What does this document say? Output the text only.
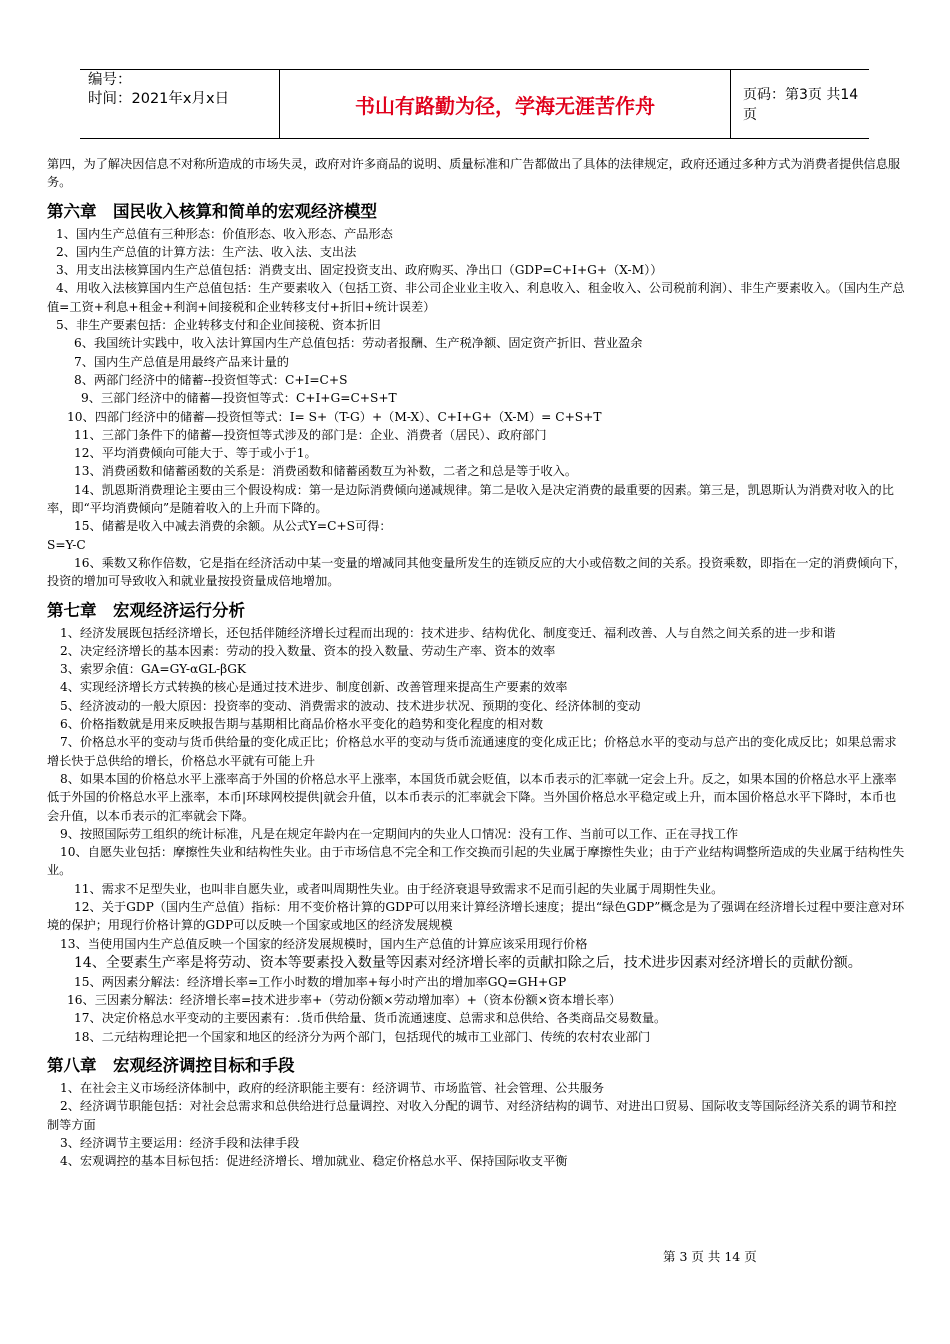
编号：
时间：2021年x月x日	书山有路勤为径，学海无涯苦作舟	页码：第3页 共14页

第四，为了解决因信息不对称所造成的市场失灵，政府对许多商品的说明、质量标准和广告都做出了具体的法律规定，政府还通过多种方式为消费者提供信息服务。

第六章　国民收入核算和简单的宏观经济模型

1、国内生产总值有三种形态：价值形态、收入形态、产品形态

2、国内生产总值的计算方法：生产法、收入法、支出法

3、用支出法核算国内生产总值包括：消费支出、固定投资支出、政府购买、净出口（GDP=C+I+G+（X-M））

4、用收入法核算国内生产总值包括：生产要素收入（包括工资、非公司企业业主收入、利息收入、租金收入、公司税前利润）、非生产要素收入。（国内生产总值=工资+利息+租金+利润+间接税和企业转移支付+折旧+统计误差）

5、非生产要素包括：企业转移支付和企业间接税、资本折旧

6、我国统计实践中，收入法计算国内生产总值包括：劳动者报酬、生产税净额、固定资产折旧、营业盈余

7、国内生产总值是用最终产品来计量的

8、两部门经济中的储蓄--投资恒等式：C+I=C+S

9、三部门经济中的储蓄—投资恒等式：C+I+G=C+S+T

10、四部门经济中的储蓄—投资恒等式：I= S+（T-G）+（M-X）、C+I+G+（X-M）= C+S+T

11、三部门条件下的储蓄—投资恒等式涉及的部门是：企业、消费者（居民）、政府部门

12、平均消费倾向可能大于、等于或小于1。

13、消费函数和储蓄函数的关系是：消费函数和储蓄函数互为补数，二者之和总是等于收入。

14、凯恩斯消费理论主要由三个假设构成：第一是边际消费倾向递减规律。第二是收入是决定消费的最重要的因素。第三是，凯恩斯认为消费对收入的比率，即“平均消费倾向”是随着收入的上升而下降的。

15、储蓄是收入中减去消费的余额。从公式Y=C+S可得：

S=Y-C

16、乘数又称作倍数，它是指在经济活动中某一变量的增减同其他变量所发生的连锁反应的大小或倍数之间的关系。投资乘数，即指在一定的消费倾向下，投资的增加可导致收入和就业量按投资量成倍地增加。

第七章　宏观经济运行分析

1、经济发展既包括经济增长，还包括伴随经济增长过程而出现的：技术进步、结构优化、制度变迁、福利改善、人与自然之间关系的进一步和谐

2、决定经济增长的基本因素：劳动的投入数量、资本的投入数量、劳动生产率、资本的效率

3、索罗余值：GA=GY-αGL-βGK

4、实现经济增长方式转换的核心是通过技术进步、制度创新、改善管理来提高生产要素的效率

5、经济波动的一般大原因：投资率的变动、消费需求的波动、技术进步状况、预期的变化、经济体制的变动

6、价格指数就是用来反映报告期与基期相比商品价格水平变化的趋势和变化程度的相对数

7、价格总水平的变动与货币供给量的变化成正比；价格总水平的变动与货币流通速度的变化成正比；价格总水平的变动与总产出的变化成反比；如果总需求增长快于总供给的增长，价格总水平就有可能上升

8、如果本国的价格总水平上涨率高于外国的价格总水平上涨率，本国货币就会贬值，以本币表示的汇率就一定会上升。反之，如果本国的价格总水平上涨率低于外国的价格总水平上涨率，本币|环球网校提供|就会升值，以本币表示的汇率就会下降。当外国价格总水平稳定或上升，而本国价格总水平下降时，本币也会升值，以本币表示的汇率就会下降。

9、按照国际劳工组织的统计标准，凡是在规定年龄内在一定期间内的失业人口情况：没有工作、当前可以工作、正在寻找工作

10、自愿失业包括：摩擦性失业和结构性失业。由于市场信息不完全和工作交换而引起的失业属于摩擦性失业；由于产业结构调整所造成的失业属于结构性失业。

11、需求不足型失业，也叫非自愿失业，或者叫周期性失业。由于经济衰退导致需求不足而引起的失业属于周期性失业。

12、关于GDP（国内生产总值）指标：用不变价格计算的GDP可以用来计算经济增长速度；提出“绿色GDP”概念是为了强调在经济增长过程中要注意对环境的保护；用现行价格计算的GDP可以反映一个国家或地区的经济发展规模

13、当使用国内生产总值反映一个国家的经济发展规模时，国内生产总值的计算应该采用现行价格

14、全要素生产率是将劳动、资本等要素投入数量等因素对经济增长率的贡献扣除之后，技术进步因素对经济增长的贡献份额。

15、两因素分解法：经济增长率=工作小时数的增加率+每小时产出的增加率GQ=GH+GP

16、三因素分解法：经济增长率=技术进步率+（劳动份额×劳动增加率）+（资本份额×资本增长率）

17、决定价格总水平变动的主要因素有：.货币供给量、货币流通速度、总需求和总供给、各类商品交易数量。

18、二元结构理论把一个国家和地区的经济分为两个部门，包括现代的城市工业部门、传统的农村农业部门

第八章　宏观经济调控目标和手段

1、在社会主义市场经济体制中，政府的经济职能主要有：经济调节、市场监管、社会管理、公共服务

2、经济调节职能包括：对社会总需求和总供给进行总量调控、对收入分配的调节、对经济结构的调节、对进出口贸易、国际收支等国际经济关系的调节和控制等方面

3、经济调节主要运用：经济手段和法律手段

4、宏观调控的基本目标包括：促进经济增长、增加就业、稳定价格总水平、保持国际收支平衡

第 3 页 共 14 页
